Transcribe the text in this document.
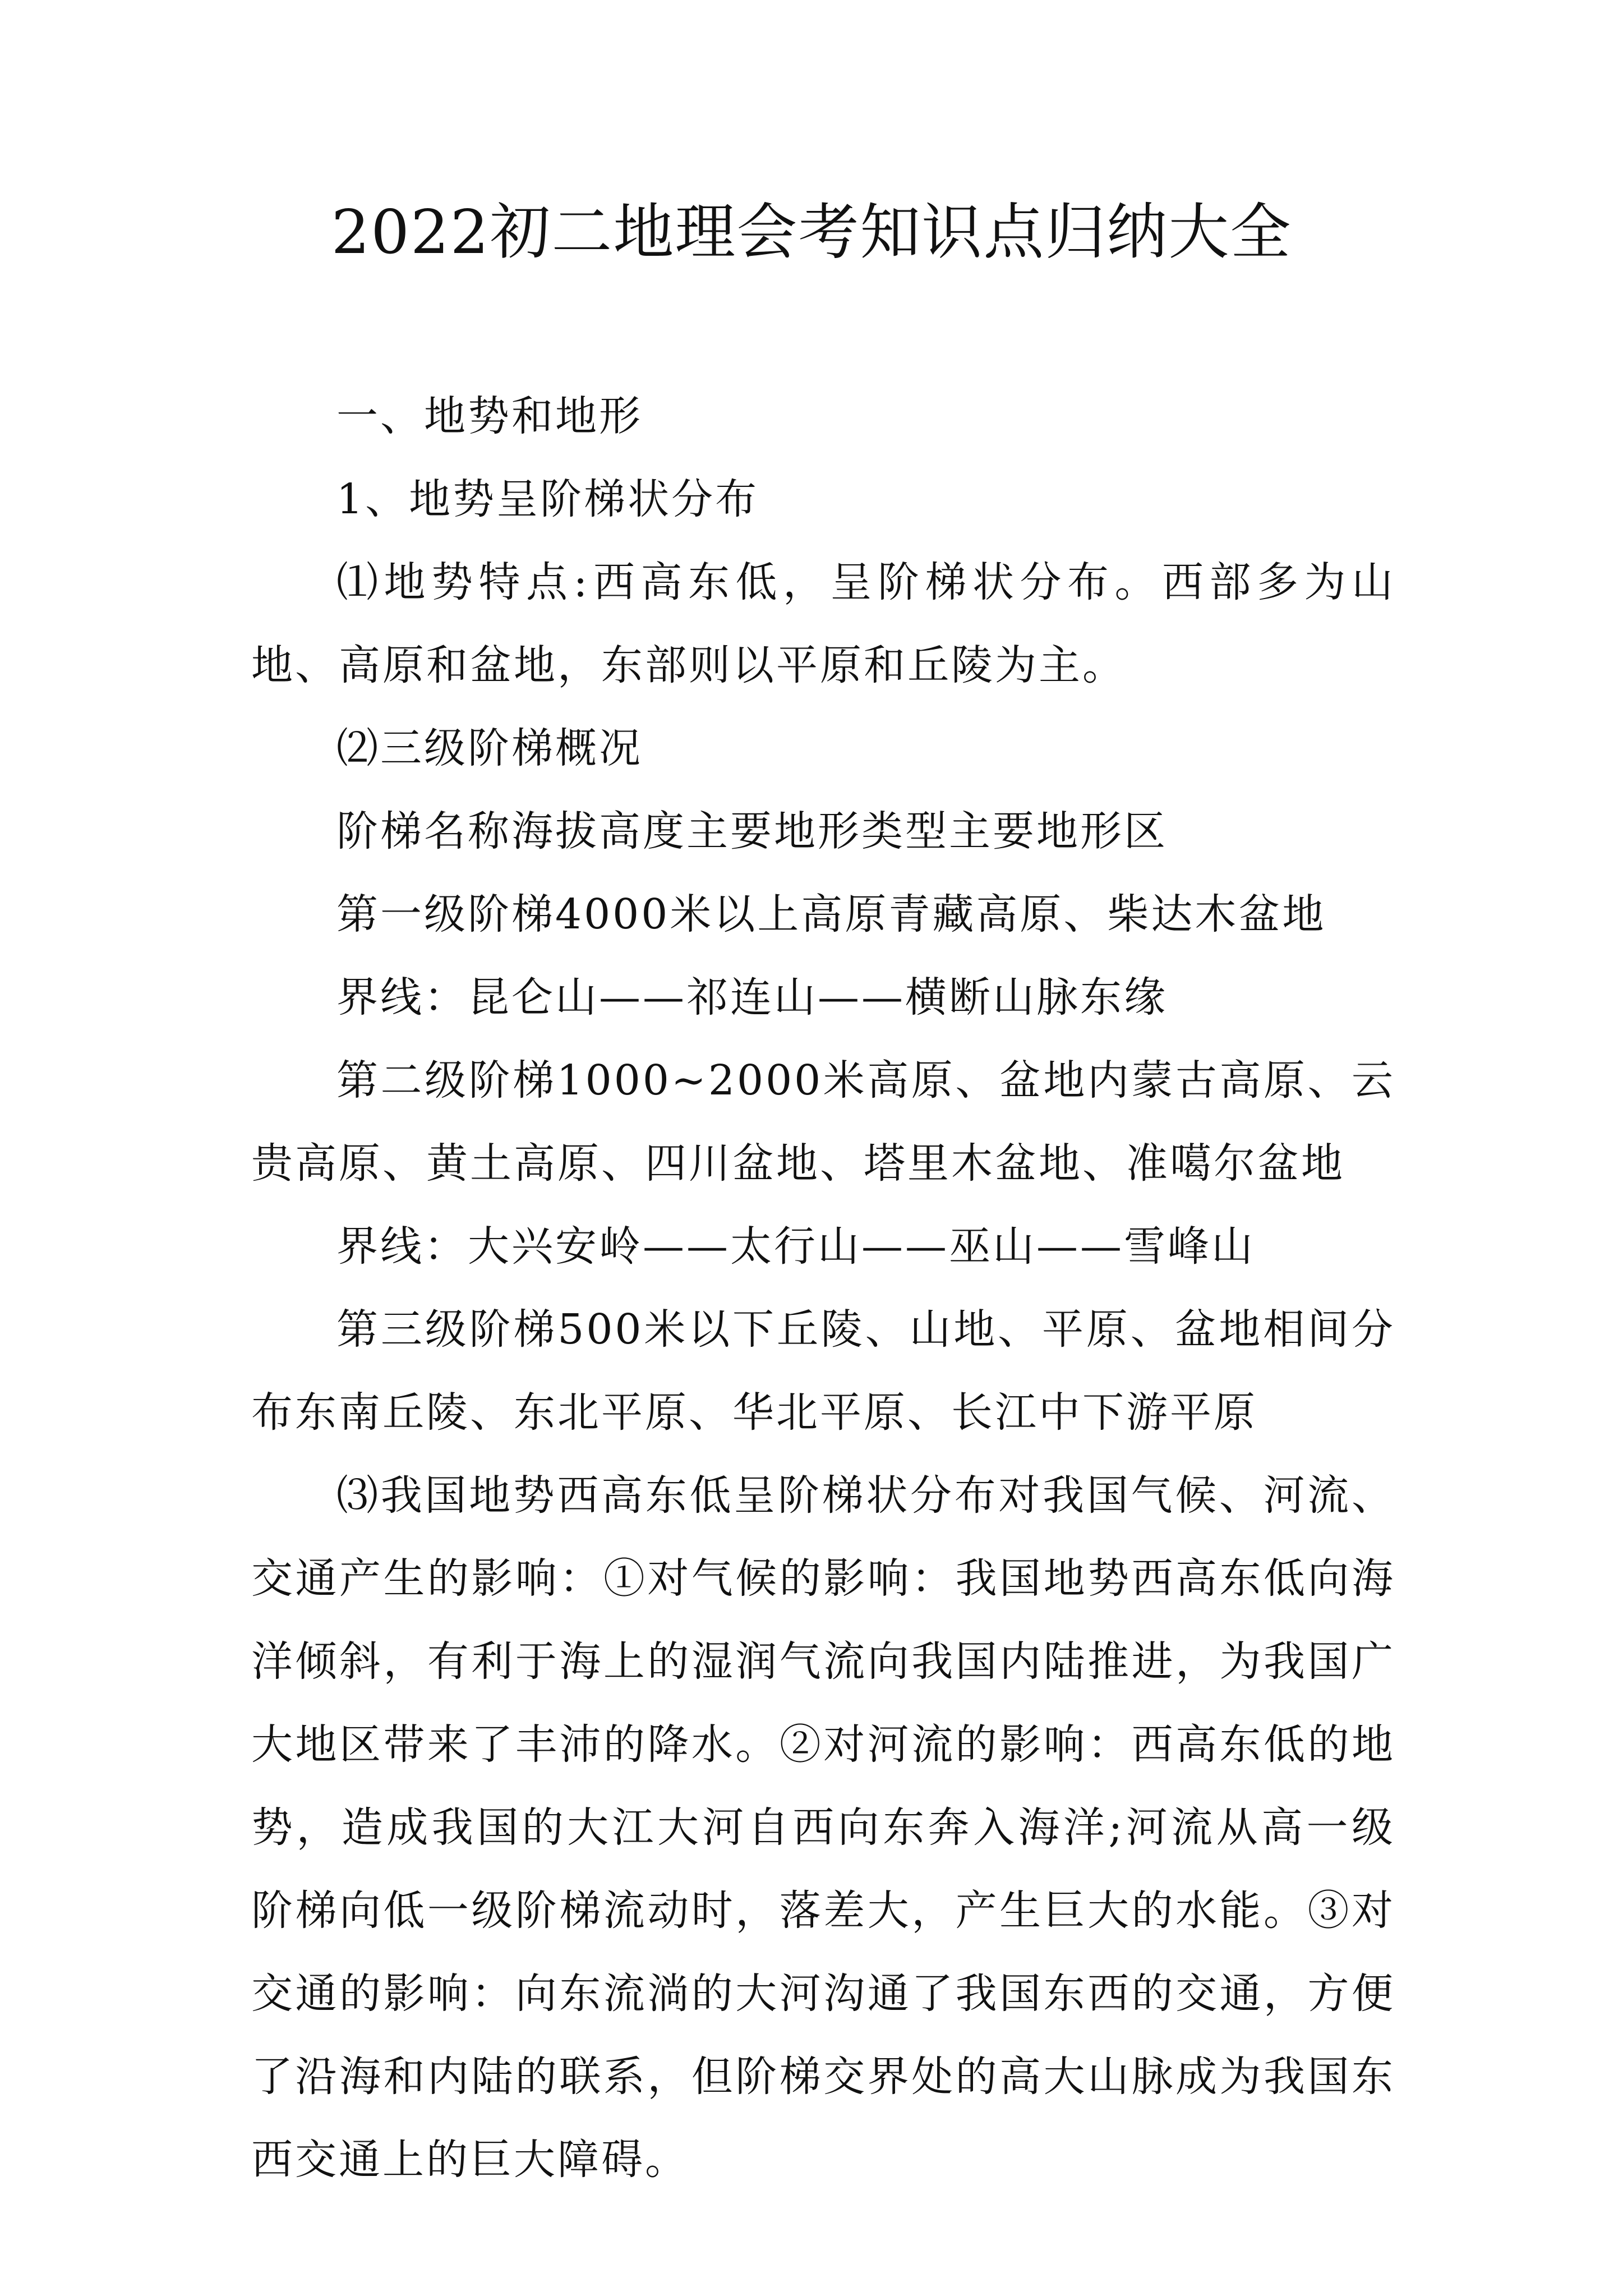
2022初二地理会考知识点归纳大全

一、地势和地形

1、地势呈阶梯状分布

⑴地势特点:西高东低，呈阶梯状分布。西部多为山地、高原和盆地，东部则以平原和丘陵为主。

⑵三级阶梯概况

阶梯名称海拔高度主要地形类型主要地形区

第一级阶梯4000米以上高原青藏高原、柴达木盆地

界线：昆仑山——祁连山——横断山脉东缘

第二级阶梯1000~2000米高原、盆地内蒙古高原、云贵高原、黄土高原、四川盆地、塔里木盆地、准噶尔盆地

界线：大兴安岭——太行山——巫山——雪峰山

第三级阶梯500米以下丘陵、山地、平原、盆地相间分布东南丘陵、东北平原、华北平原、长江中下游平原

⑶我国地势西高东低呈阶梯状分布对我国气候、河流、交通产生的影响：①对气候的影响：我国地势西高东低向海洋倾斜，有利于海上的湿润气流向我国内陆推进，为我国广大地区带来了丰沛的降水。②对河流的影响：西高东低的地势，造成我国的大江大河自西向东奔入海洋;河流从高一级阶梯向低一级阶梯流动时，落差大，产生巨大的水能。③对交通的影响：向东流淌的大河沟通了我国东西的交通，方便了沿海和内陆的联系，但阶梯交界处的高大山脉成为我国东西交通上的巨大障碍。
